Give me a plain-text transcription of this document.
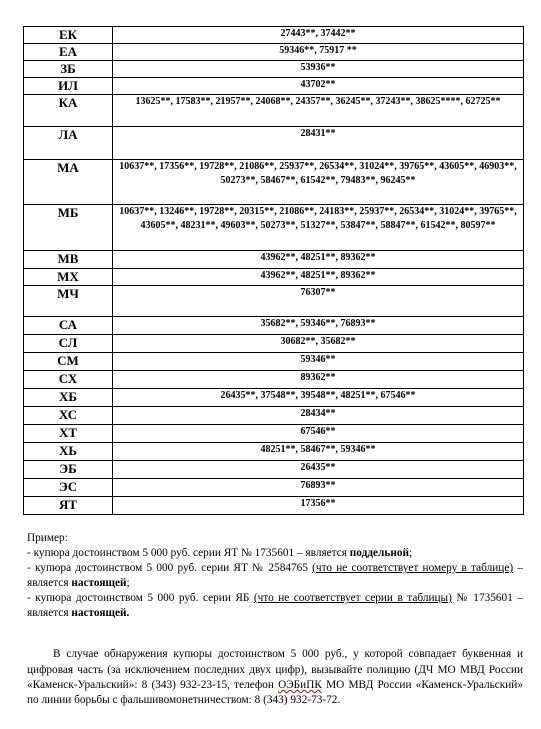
ЕК	27443**, 37442**
ЕА	59346**, 75917 **
ЗБ	53936**
ИЛ	43702**
КА	13625**, 17583**, 21957**, 24068**, 24357**, 36245**, 37243**, 38625****, 62725**
ЛА	28431**
МА	10637**, 17356**, 19728**, 21086**, 25937**, 26534**, 31024**, 39765**, 43605**, 46903**, 50273**, 58467**, 61542**, 79483**, 96245**
МБ	10637**, 13246**, 19728**, 20315**, 21086**, 24183**, 25937**, 26534**, 31024**, 39765**, 43605**, 48231**, 49603**, 50273**, 51327**, 53847**, 58847**, 61542**, 80597**
МВ	43962**, 48251**, 89362**
МХ	43962**, 48251**, 89362**
МЧ	76307**
СА	35682**, 59346**, 76893**
СЛ	30682**, 35682**
СМ	59346**
СХ	89362**
ХБ	26435**, 37548**, 39548**, 48251**, 67546**
ХС	28434**
ХТ	67546**
ХЬ	48251**, 58467**, 59346**
ЭБ	26435**
ЭС	76893**
ЯТ	17356**

Пример:

- купюра достоинством 5 000 руб. серии ЯТ № 1735601 – является поддельной;

- купюра достоинством 5 000 руб. серии ЯТ № 2584765 (что не соответствует номеру в таблице) – является настоящей;

- купюра достоинством 5 000 руб. серии ЯБ (что не соответствует серии в таблицы) № 1735601 – является настоящей.

В случае обнаружения купюры достоинством 5 000 руб., у которой совпадает буквенная и цифровая часть (за исключением последних двух цифр), вызывайте полицию (ДЧ МО МВД России «Каменск-Уральский»: 8 (343) 932-23-15, телефон ОЭБиПК МО МВД России «Каменск-Уральский» по линии борьбы с фальшивомонетничеством: 8 (343) 932-73-72.
